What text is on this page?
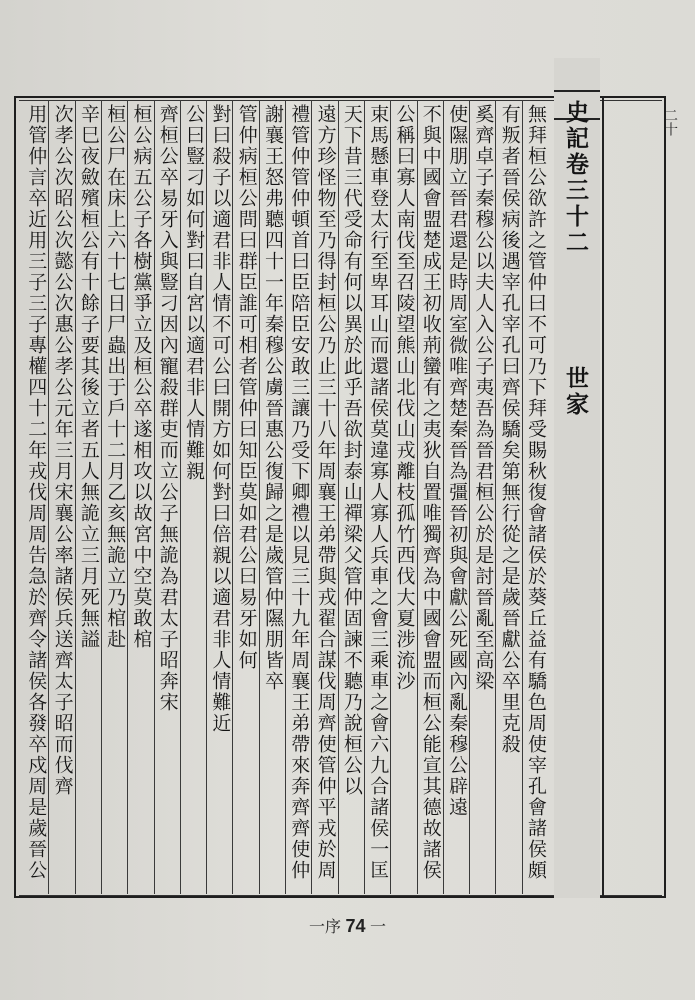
史記卷三十二世家
二十
無拜桓公欲許之管仲曰不可乃下拜受賜秋復會諸侯於葵丘益有驕色周使宰孔會諸侯頗
有叛者晉侯病後遇宰孔宰孔曰齊侯驕矣第無行從之是歲晉獻公卒里克殺
奚齊卓子秦穆公以夫人入公子夷吾為晉君桓公於是討晉亂至高梁
使隰朋立晉君還是時周室微唯齊楚秦晉為彊晉初與會獻公死國內亂秦穆公辟遠
不與中國會盟楚成王初收荊蠻有之夷狄自置唯獨齊為中國會盟而桓公能宣其德故諸侯
公稱曰寡人南伐至召陵望熊山北伐山戎離枝孤竹西伐大夏涉流沙
束馬懸車登太行至卑耳山而還諸侯莫違寡人寡人兵車之會三乘車之會六九合諸侯一匡
天下昔三代受命有何以異於此乎吾欲封泰山禪梁父管仲固諫不聽乃說桓公以
遠方珍怪物至乃得封桓公乃止三十八年周襄王弟帶與戎翟合謀伐周齊使管仲平戎於周
禮管仲管仲頓首曰臣陪臣安敢三讓乃受下卿禮以見三十九年周襄王弟帶來奔齊齊使仲
謝襄王怒弗聽四十一年秦穆公虜晉惠公復歸之是歲管仲隰朋皆卒
管仲病桓公問曰群臣誰可相者管仲曰知臣莫如君公曰易牙如何
對曰殺子以適君非人情不可公曰開方如何對曰倍親以適君非人情難近
公曰豎刁如何對曰自宮以適君非人情難親
齊桓公卒易牙入與豎刁因內寵殺群吏而立公子無詭為君太子昭奔宋
桓公病五公子各樹黨爭立及桓公卒遂相攻以故宮中空莫敢棺
桓公尸在床上六十七日尸蟲出于戶十二月乙亥無詭立乃棺赴
辛巳夜斂殯桓公有十餘子要其後立者五人無詭立三月死無謚
次孝公次昭公次懿公次惠公孝公元年三月宋襄公率諸侯兵送齊太子昭而伐齊
用管仲言卒近用三子三子專權四十二年戎伐周周告急於齊令諸侯各發卒戍周是歲晉公
一序 74 一
